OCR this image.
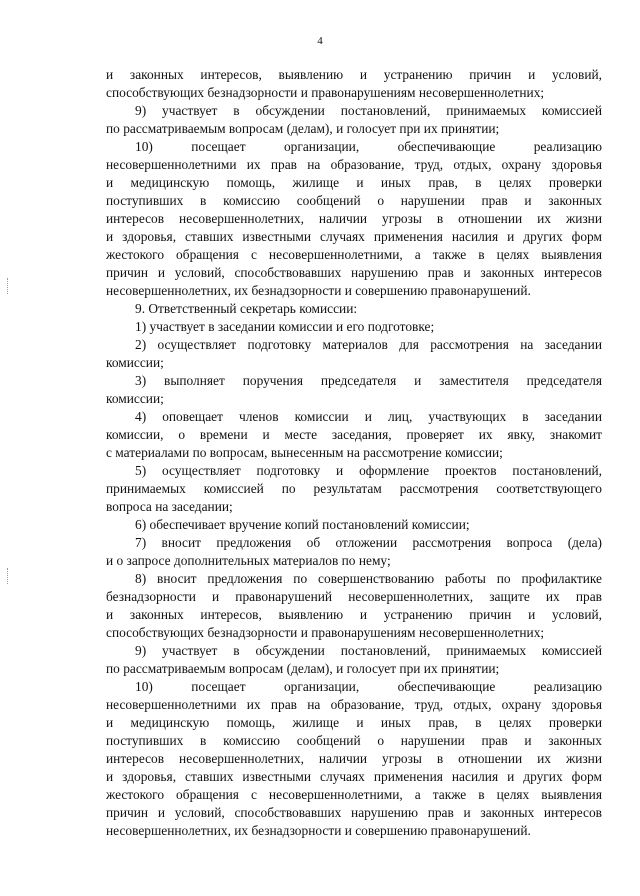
4
и законных интересов, выявлению и устранению причин и условий,
способствующих безнадзорности и правонарушениям несовершеннолетних;
9) участвует в обсуждении постановлений, принимаемых комиссией
по рассматриваемым вопросам (делам), и голосует при их принятии;
10) посещает организации, обеспечивающие реализацию
несовершеннолетними их прав на образование, труд, отдых, охрану здоровья
и медицинскую помощь, жилище и иных прав, в целях проверки
поступивших в комиссию сообщений о нарушении прав и законных
интересов несовершеннолетних, наличии угрозы в отношении их жизни
и здоровья, ставших известными случаях применения насилия и других форм
жестокого обращения с несовершеннолетними, а также в целях выявления
причин и условий, способствовавших нарушению прав и законных интересов
несовершеннолетних, их безнадзорности и совершению правонарушений.
9. Ответственный секретарь комиссии:
1) участвует в заседании комиссии и его подготовке;
2) осуществляет подготовку материалов для рассмотрения на заседании
комиссии;
3) выполняет поручения председателя и заместителя председателя
комиссии;
4) оповещает членов комиссии и лиц, участвующих в заседании
комиссии, о времени и месте заседания, проверяет их явку, знакомит
с материалами по вопросам, вынесенным на рассмотрение комиссии;
5) осуществляет подготовку и оформление проектов постановлений,
принимаемых комиссией по результатам рассмотрения соответствующего
вопроса на заседании;
6) обеспечивает вручение копий постановлений комиссии;
7) вносит предложения об отложении рассмотрения вопроса (дела)
и о запросе дополнительных материалов по нему;
8) вносит предложения по совершенствованию работы по профилактике
безнадзорности и правонарушений несовершеннолетних, защите их прав
и законных интересов, выявлению и устранению причин и условий,
способствующих безнадзорности и правонарушениям несовершеннолетних;
9) участвует в обсуждении постановлений, принимаемых комиссией
по рассматриваемым вопросам (делам), и голосует при их принятии;
10) посещает организации, обеспечивающие реализацию
несовершеннолетними их прав на образование, труд, отдых, охрану здоровья
и медицинскую помощь, жилище и иных прав, в целях проверки
поступивших в комиссию сообщений о нарушении прав и законных
интересов несовершеннолетних, наличии угрозы в отношении их жизни
и здоровья, ставших известными случаях применения насилия и других форм
жестокого обращения с несовершеннолетними, а также в целях выявления
причин и условий, способствовавших нарушению прав и законных интересов
несовершеннолетних, их безнадзорности и совершению правонарушений.
